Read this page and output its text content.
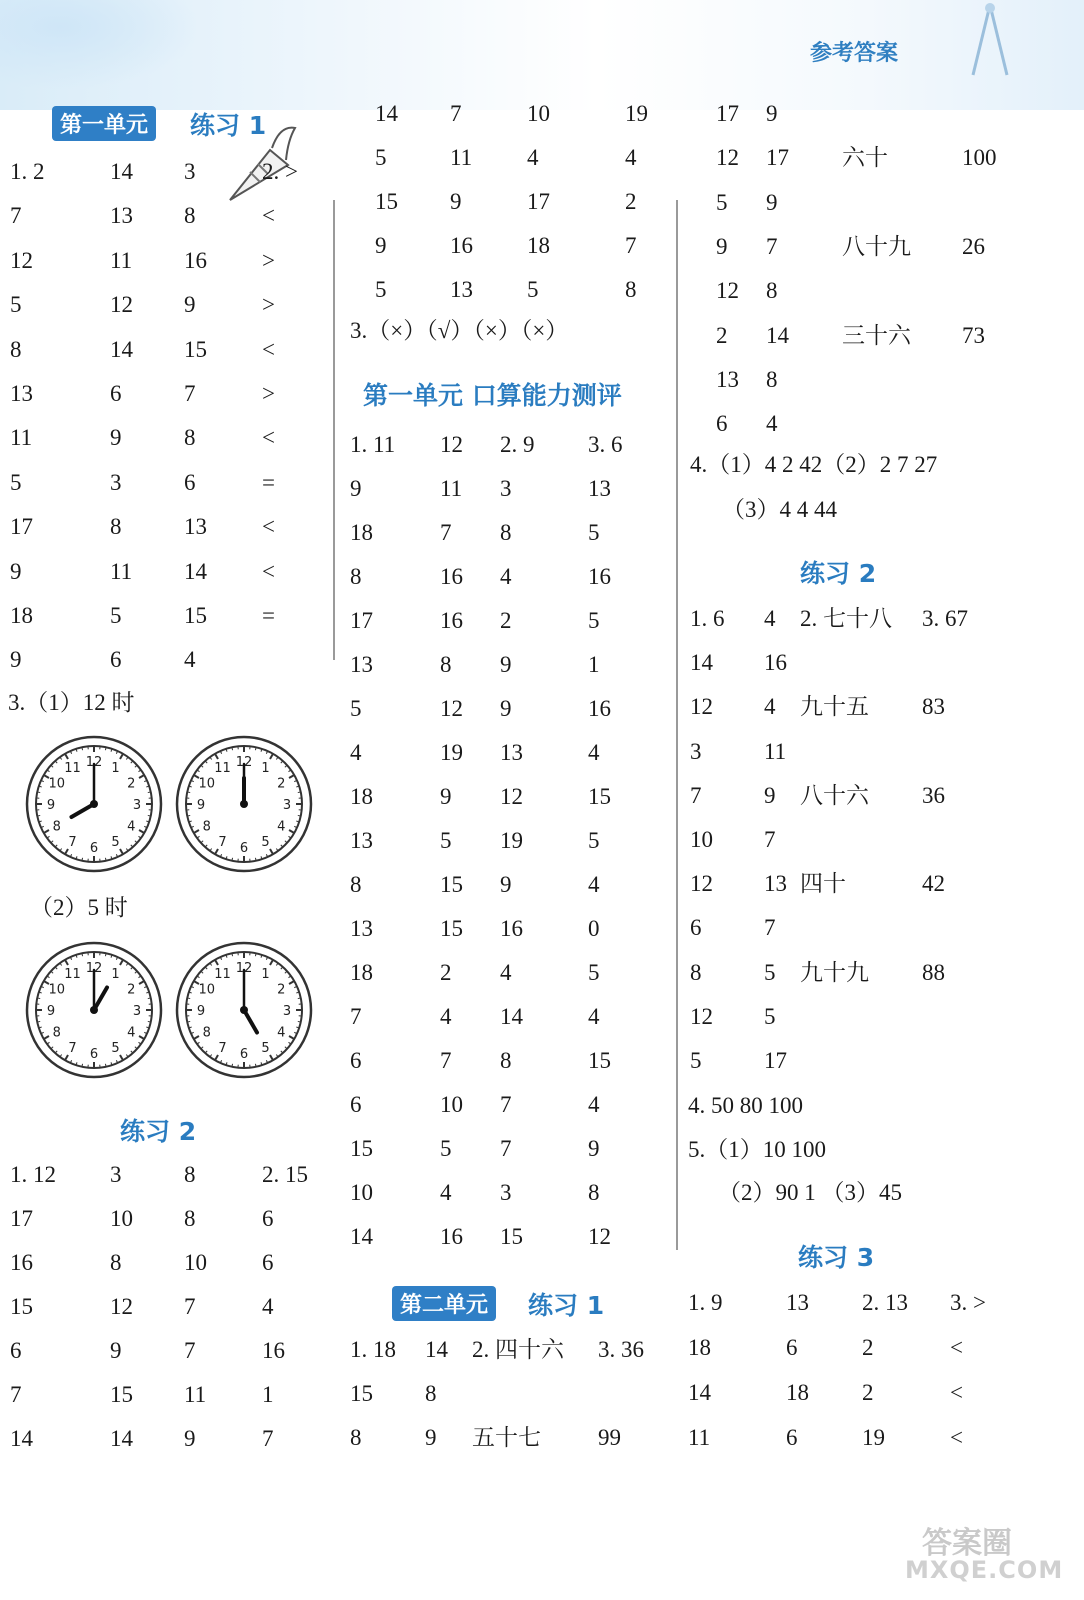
参考答案
第一单元	练习 1
1. 2	14 3	2. >
7	13 8	<
12	11 16 >
5	12 9	>
8	14 15 <
13	6	7	>
11	9	8	<
5	3	6	=
17	8	13 <
9	11 14 <
18	5	15 =
9	6	4
3.（1）12 时
12 1
2
3
4
5
6
7
8
9
10
11	12 1
2
3
4
5
6
7
8
9
10
11
（2）5 时
12 1
2
3
4
5
6
7
8
9
10
11	12 1
2
3
4
5
6
7
8
9
10
11
练习 2
1. 12 3	8	2. 15
17	10 8	6
16	8	10 6
15	12 7	4
6	9	7	16
7	15 11 1
14	14 9	7
14 7	10	19
5	11 4	4
15 9	17	2
9	16 18	7
5	13 5	8
3.（×）（√）（×）（×）
第一单元 口算能力测评
1. 11 12 2. 9 3. 6
9	11 3	13
18	7 8	5
8	16 4	16
17	16 2	5
13	8 9	1
5	12 9	16
4	19 13	4
18	9 12	15
13	5 19	5
8	15 9	4
13	15 16	0
18	2 4	5
7	4 14	4
6	7 8	15
6	10 7	4
15	5 7	9
10	4 3	8
14	16 15	12
第二单元	练习 1
1. 18 14 2. 四十六 3. 36
15 8
8	9 五十七 99
17 9
12 17 六十	100
5 9
9 7	八十九 26
12 8
2 14 三十六 73
13 8
6 4
4.（1）4 2 42（2）2 7 27
（3）4 4 44
练习 2
1. 6 4 2. 七十八 3. 67
14 16
12 4 九十五 83
3	11
7	9 八十六 36
10 7
12 13 四十	42
6	7
8	5 九十九 88
12 5
5	17
4. 50 80 100
5.（1）10 100
（2）90 1 （3）45
练习 3
1. 9	13 2. 13 3. >
18	6	2	<
14	18 2	<
11	6	19	<
答案圈
MXQE.COM
